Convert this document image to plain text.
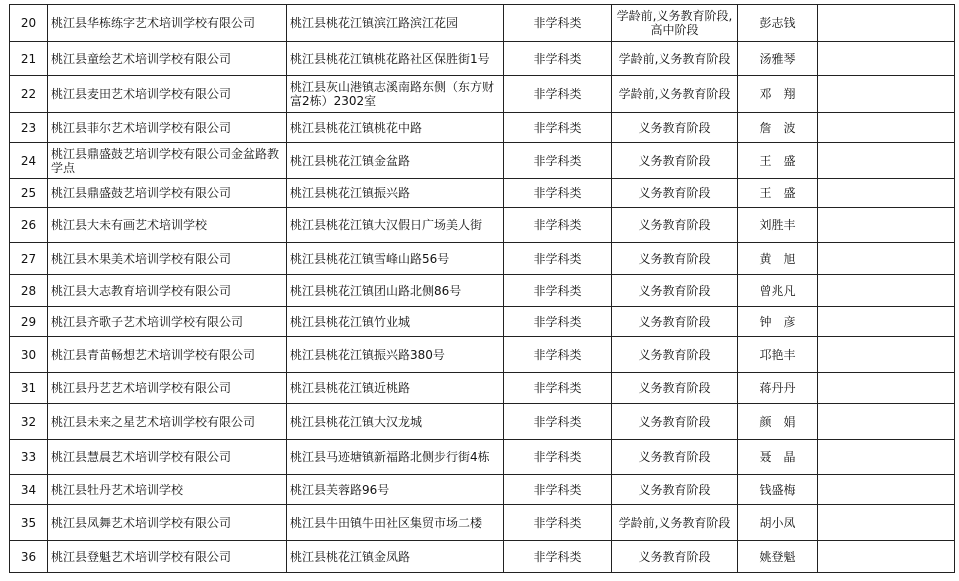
20	桃江县华栋练字艺术培训学校有限公司	桃江县桃花江镇滨江路滨江花园	非学科类	学龄前,义务教育阶段,高中阶段	彭志钱	

21	桃江县童绘艺术培训学校有限公司	桃江县桃花江镇桃花路社区保胜街1号	非学科类	学龄前,义务教育阶段	汤雅琴	

22	桃江县麦田艺术培训学校有限公司	桃江县灰山港镇志溪南路东侧（东方财富2栋）2302室	非学科类	学龄前,义务教育阶段	邓　翔	

23	桃江县菲尔艺术培训学校有限公司	桃江县桃花江镇桃花中路	非学科类	义务教育阶段	詹　波	

24	桃江县鼎盛鼓艺培训学校有限公司金盆路教学点	桃江县桃花江镇金盆路	非学科类	义务教育阶段	王　盛	

25	桃江县鼎盛鼓艺培训学校有限公司	桃江县桃花江镇振兴路	非学科类	义务教育阶段	王　盛	

26	桃江县大未有画艺术培训学校	桃江县桃花江镇大汉假日广场美人街	非学科类	义务教育阶段	刘胜丰	

27	桃江县木果美术培训学校有限公司	桃江县桃花江镇雪峰山路56号	非学科类	义务教育阶段	黄　旭	

28	桃江县大志教育培训学校有限公司	桃江县桃花江镇团山路北侧86号	非学科类	义务教育阶段	曾兆凡	

29	桃江县齐歌子艺术培训学校有限公司	桃江县桃花江镇竹业城	非学科类	义务教育阶段	钟　彦	

30	桃江县青苗畅想艺术培训学校有限公司	桃江县桃花江镇振兴路380号	非学科类	义务教育阶段	邛艳丰	

31	桃江县丹艺艺术培训学校有限公司	桃江县桃花江镇近桃路	非学科类	义务教育阶段	蒋丹丹	

32	桃江县未来之星艺术培训学校有限公司	桃江县桃花江镇大汉龙城	非学科类	义务教育阶段	颜　娟	

33	桃江县慧晨艺术培训学校有限公司	桃江县马迹塘镇新福路北侧步行街4栋	非学科类	义务教育阶段	聂　晶	

34	桃江县牡丹艺术培训学校	桃江县芙蓉路96号	非学科类	义务教育阶段	钱盛梅	

35	桃江县凤舞艺术培训学校有限公司	桃江县牛田镇牛田社区集贸市场二楼	非学科类	学龄前,义务教育阶段	胡小凤	

36	桃江县登魁艺术培训学校有限公司	桃江县桃花江镇金凤路	非学科类	义务教育阶段	姚登魁	
